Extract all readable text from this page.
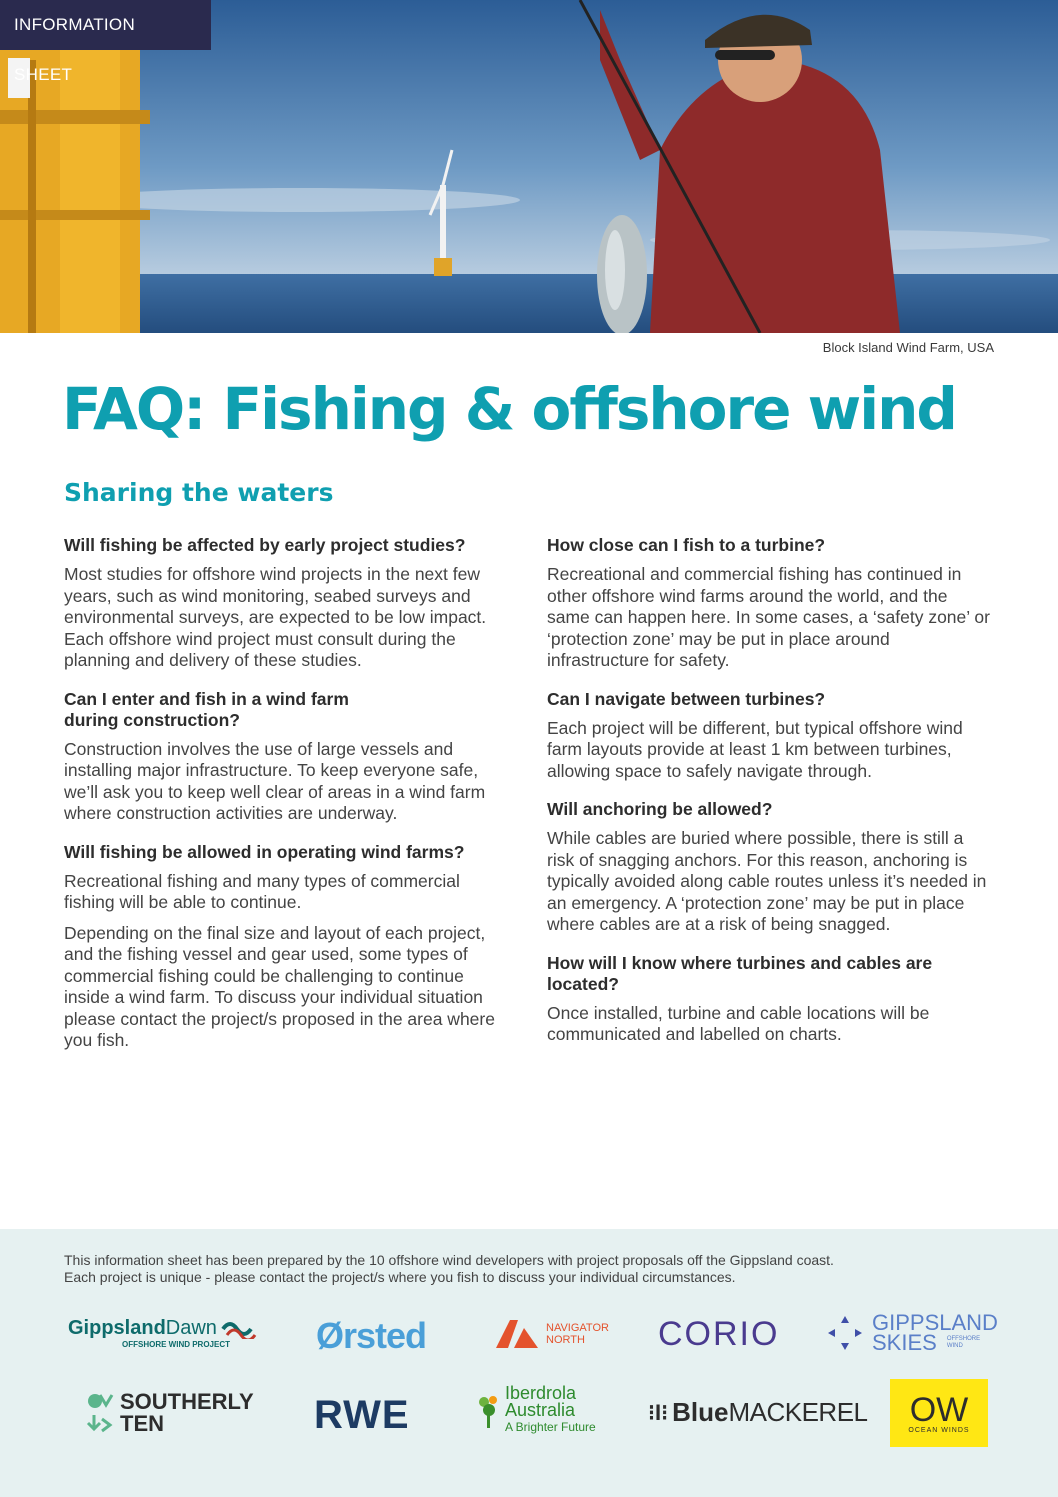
INFORMATION SHEET
Block Island Wind Farm, USA
FAQ: Fishing & offshore wind
Sharing the waters
Will fishing be affected by early project studies?

Most studies for offshore wind projects in the next few years, such as wind monitoring, seabed surveys and environmental surveys, are expected to be low impact. Each offshore wind project must consult during the planning and delivery of these studies.

Can I enter and fish in a wind farm during construction?

Construction involves the use of large vessels and installing major infrastructure. To keep everyone safe, we’ll ask you to keep well clear of areas in a wind farm where construction activities are underway.

Will fishing be allowed in operating wind farms?

Recreational fishing and many types of commercial fishing will be able to continue.

Depending on the final size and layout of each project, and the fishing vessel and gear used, some types of commercial fishing could be challenging to continue inside a wind farm. To discuss your individual situation please contact the project/s proposed in the area where you fish.

How close can I fish to a turbine?

Recreational and commercial fishing has continued in other offshore wind farms around the world, and the same can happen here. In some cases, a ‘safety zone’ or ‘protection zone’ may be put in place around infrastructure for safety.

Can I navigate between turbines?

Each project will be different, but typical offshore wind farm layouts provide at least 1 km between turbines, allowing space to safely navigate through.

Will anchoring be allowed?

While cables are buried where possible, there is still a risk of snagging anchors. For this reason, anchoring is typically avoided along cable routes unless it’s needed in an emergency. A ‘protection zone’ may be put in place where cables are at a risk of being snagged.

How will I know where turbines and cables are located?

Once installed, turbine and cable locations will be communicated and labelled on charts.

This information sheet has been prepared by the 10 offshore wind developers with project proposals off the Gippsland coast.
Each project is unique - please contact the project/s where you fish to discuss your individual circumstances.

Gippsland Dawn
OFFSHORE WIND PROJECT Ørsted	NAVIGATOR
NORTH	CORIO	GIPPSLAND
SKIES OFFSHORE WIND
SOUTHERLY
TEN	RWE	Iberdrola
Australia
A Brighter Future
⁝I⁝ Blue MACKEREL OW
OCEAN WINDS
